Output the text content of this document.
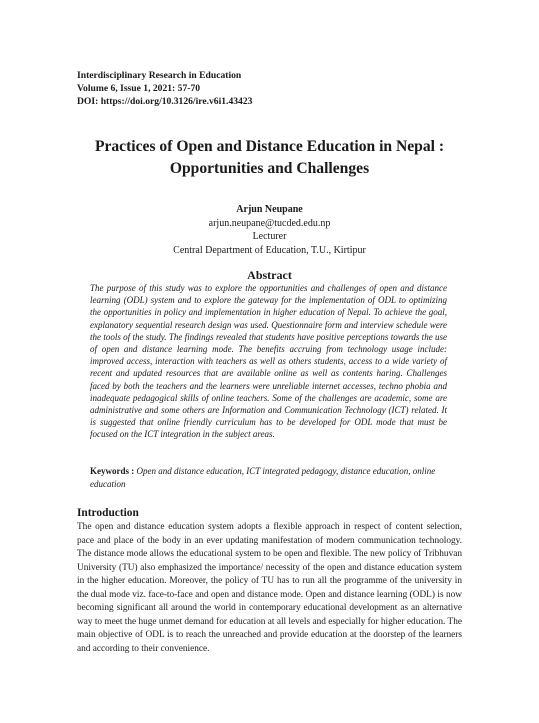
Interdisciplinary Research in Education
Volume 6, Issue 1, 2021: 57-70
DOI: https://doi.org/10.3126/ire.v6i1.43423
Practices of Open and Distance Education in Nepal :
Opportunities and Challenges
Arjun Neupane
arjun.neupane@tucded.edu.np
Lecturer
Central Department of Education, T.U., Kirtipur
Abstract
The purpose of this study was to explore the opportunities and challenges of open and distance learning (ODL) system and to explore the gateway for the implementation of ODL to optimizing the opportunities in policy and implementation in higher education of Nepal. To achieve the goal, explanatory sequential research design was used. Questionnaire form and interview schedule were the tools of the study. The findings revealed that students have positive perceptions towards the use of open and distance learning mode. The benefits accruing from technology usage include: improved access, interaction with teachers as well as others students, access to a wide variety of recent and updated resources that are available online as well as contents haring. Challenges faced by both the teachers and the learners were unreliable internet accesses, techno phobia and inadequate pedagogical skills of online teachers. Some of the challenges are academic, some are administrative and some others are Information and Communication Technology (ICT) related. It is suggested that online friendly curriculum has to be developed for ODL mode that must be focused on the ICT integration in the subject areas.
Keywords : Open and distance education, ICT integrated pedagogy, distance education, online education
Introduction
The open and distance education system adopts a flexible approach in respect of content selection, pace and place of the body in an ever updating manifestation of modern communication technology. The distance mode allows the educational system to be open and flexible. The new policy of Tribhuvan University (TU) also emphasized the importance/ necessity of the open and distance education system in the higher education. Moreover, the policy of TU has to run all the programme of the university in the dual mode viz. face-to-face and open and distance mode. Open and distance learning (ODL) is now becoming significant all around the world in contemporary educational development as an alternative way to meet the huge unmet demand for education at all levels and especially for higher education. The main objective of ODL is to reach the unreached and provide education at the doorstep of the learners and according to their convenience.
